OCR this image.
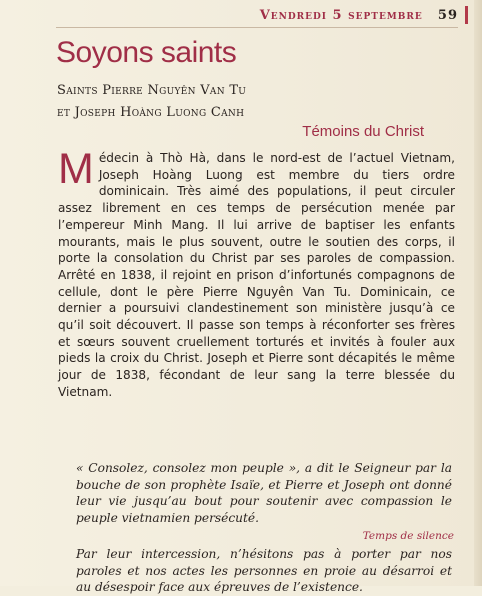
Vendredi 5 septembre 59
Soyons saints
Saints Pierre Nguyên Van Tu
et Joseph Hoàng Luong Canh
Témoins du Christ
Médecin à Thò Hà, dans le nord-est de l’actuel Vietnam, Joseph Hoàng Luong est membre du tiers ordre dominicain. Très aimé des populations, il peut circuler assez librement en ces temps de persécution menée par l’empereur Minh Mang. Il lui arrive de baptiser les enfants mourants, mais le plus souvent, outre le soutien des corps, il porte la consolation du Christ par ses paroles de compassion. Arrêté en 1838, il rejoint en prison d’infortunés compagnons de cellule, dont le père Pierre Nguyên Van Tu. Dominicain, ce dernier a poursuivi clandestinement son ministère jusqu’à ce qu’il soit découvert. Il passe son temps à réconforter ses frères et sœurs souvent cruellement torturés et invités à fouler aux pieds la croix du Christ. Joseph et Pierre sont décapités le même jour de 1838, fécondant de leur sang la terre blessée du Vietnam.
« Consolez, consolez mon peuple », a dit le Seigneur par la bouche de son prophète Isaïe, et Pierre et Joseph ont donné leur vie jusqu’au bout pour soutenir avec compassion le peuple vietnamien persécuté.
Temps de silence
Par leur intercession, n’hésitons pas à porter par nos paroles et nos actes les personnes en proie au désarroi et au désespoir face aux épreuves de l’existence.
